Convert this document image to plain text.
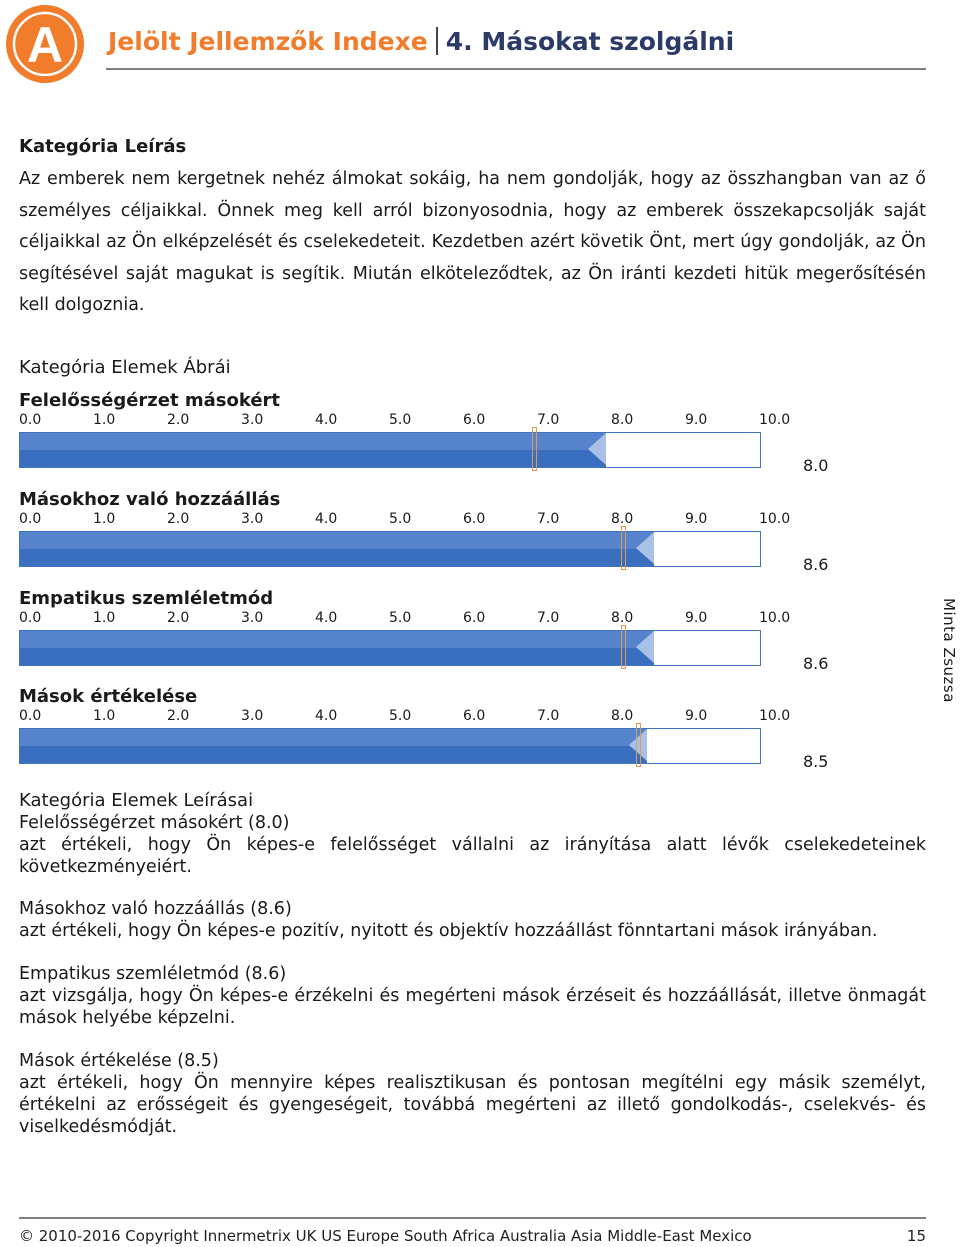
A Jelölt Jellemzők Indexe 4. Másokat szolgálni
Kategória Leírás

Az emberek nem kergetnek nehéz álmokat sokáig, ha nem gondolják, hogy az összhangban van az ő személyes céljaikkal. Önnek meg kell arról bizonyosodnia, hogy az emberek összekapcsolják saját céljaikkal az Ön elképzelését és cselekedeteit. Kezdetben azért követik Önt, mert úgy gondolják, az Ön segítésével saját magukat is segítik. Miután elköteleződtek, az Ön iránti kezdeti hitük megerősítésén kell dolgoznia.

Kategória Elemek Ábrái
Felelősségérzet másokért
0.0	1.0	2.0	3.0	4.0	5.0	6.0	7.0	8.0	9.0	10.0
8.0
Másokhoz való hozzáállás
0.0	1.0	2.0	3.0	4.0	5.0	6.0	7.0	8.0	9.0	10.0
8.6
Empatikus szemléletmód
0.0	1.0	2.0	3.0	4.0	5.0	6.0	7.0	8.0	9.0	10.0
8.6
Mások értékelése
0.0	1.0	2.0	3.0	4.0	5.0	6.0	7.0	8.0	9.0	10.0
8.5
Minta Zsuzsa
Kategória Elemek Leírásai
Felelősségérzet másokért (8.0)
azt értékeli, hogy Ön képes-e felelősséget vállalni az irányítása alatt lévők cselekedeteinek következményeiért.
Másokhoz való hozzáállás (8.6)
azt értékeli, hogy Ön képes-e pozitív, nyitott és objektív hozzáállást fönntartani mások irányában.
Empatikus szemléletmód (8.6)
azt vizsgálja, hogy Ön képes-e érzékelni és megérteni mások érzéseit és hozzáállását, illetve önmagát mások helyébe képzelni.
Mások értékelése (8.5)
azt értékeli, hogy Ön mennyire képes realisztikusan és pontosan megítélni egy másik személyt, értékelni az erősségeit és gyengeségeit, továbbá megérteni az illető gondolkodás-, cselekvés- és viselkedésmódját.
© 2010-2016 Copyright Innermetrix UK US Europe South Africa Australia Asia Middle-East Mexico	15
